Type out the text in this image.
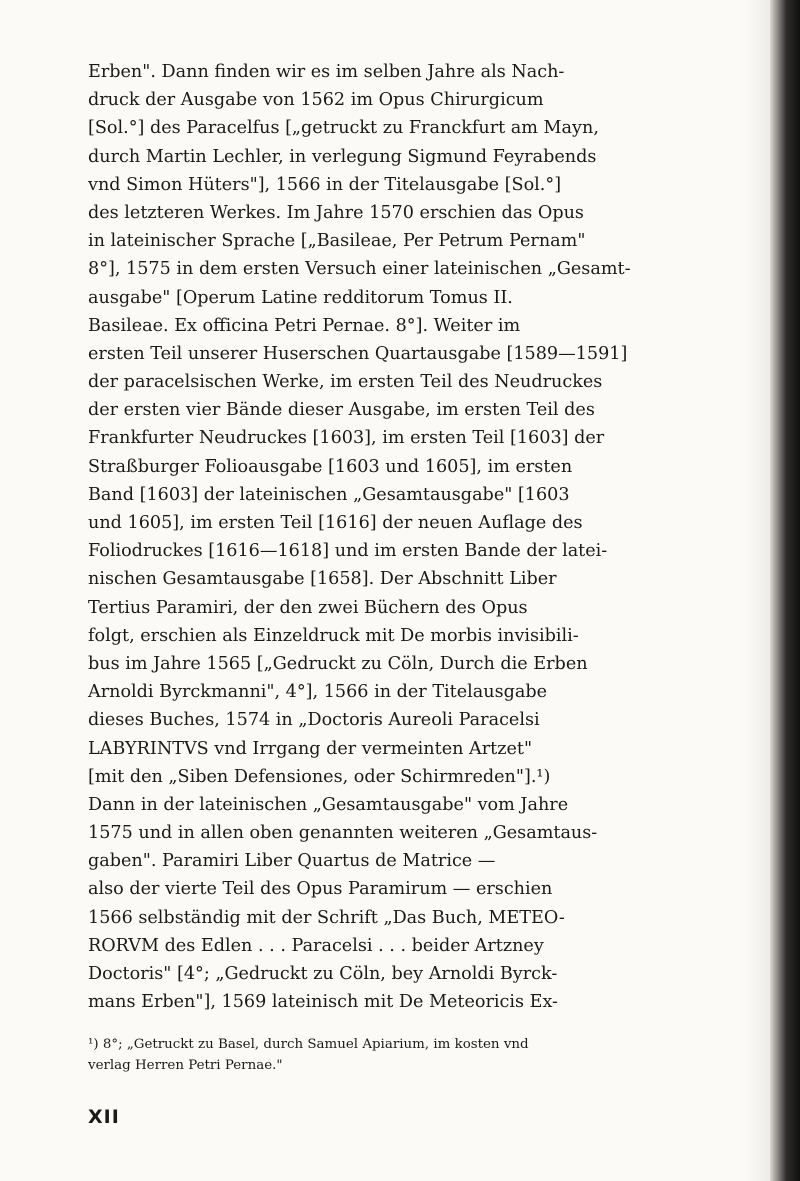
Erben". Dann finden wir es im selben Jahre als Nach-
druck der Ausgabe von 1562 im Opus Chirurgicum
[Sol.°] des Paracelfus [„getruckt zu Franckfurt am Mayn,
durch Martin Lechler, in verlegung Sigmund Feyrabends
vnd Simon Hüters"], 1566 in der Titelausgabe [Sol.°]
des letzteren Werkes. Im Jahre 1570 erschien das Opus
in lateinischer Sprache [„Basileae, Per Petrum Pernam"
8°], 1575 in dem ersten Versuch einer lateinischen „Gesamt-
ausgabe" [Operum Latine redditorum Tomus II.
Basileae. Ex officina Petri Pernae. 8°]. Weiter im
ersten Teil unserer Huserschen Quartausgabe [1589—1591]
der paracelsischen Werke, im ersten Teil des Neudruckes
der ersten vier Bände dieser Ausgabe, im ersten Teil des
Frankfurter Neudruckes [1603], im ersten Teil [1603] der
Straßburger Folioausgabe [1603 und 1605], im ersten
Band [1603] der lateinischen „Gesamtausgabe" [1603
und 1605], im ersten Teil [1616] der neuen Auflage des
Foliodruckes [1616—1618] und im ersten Bande der latei-
nischen Gesamtausgabe [1658]. Der Abschnitt Liber
Tertius Paramiri, der den zwei Büchern des Opus
folgt, erschien als Einzeldruck mit De morbis invisibili-
bus im Jahre 1565 [„Gedruckt zu Cöln, Durch die Erben
Arnoldi Byrckmanni", 4°], 1566 in der Titelausgabe
dieses Buches, 1574 in „Doctoris Aureoli Paracelsi
LABYRINTVS vnd Irrgang der vermeinten Artzet"
[mit den „Siben Defensiones, oder Schirmreden"].¹)
Dann in der lateinischen „Gesamtausgabe" vom Jahre
1575 und in allen oben genannten weiteren „Gesamtaus-
gaben". Paramiri Liber Quartus de Matrice —
also der vierte Teil des Opus Paramirum — erschien
1566 selbständig mit der Schrift „Das Buch, METEO-
RORVM des Edlen . . . Paracelsi . . . beider Artzney
Doctoris" [4°; „Gedruckt zu Cöln, bey Arnoldi Byrck-
mans Erben"], 1569 lateinisch mit De Meteoricis Ex-
¹) 8°; „Getruckt zu Basel, durch Samuel Apiarium, im kosten vnd
verlag Herren Petri Pernae."
XII
